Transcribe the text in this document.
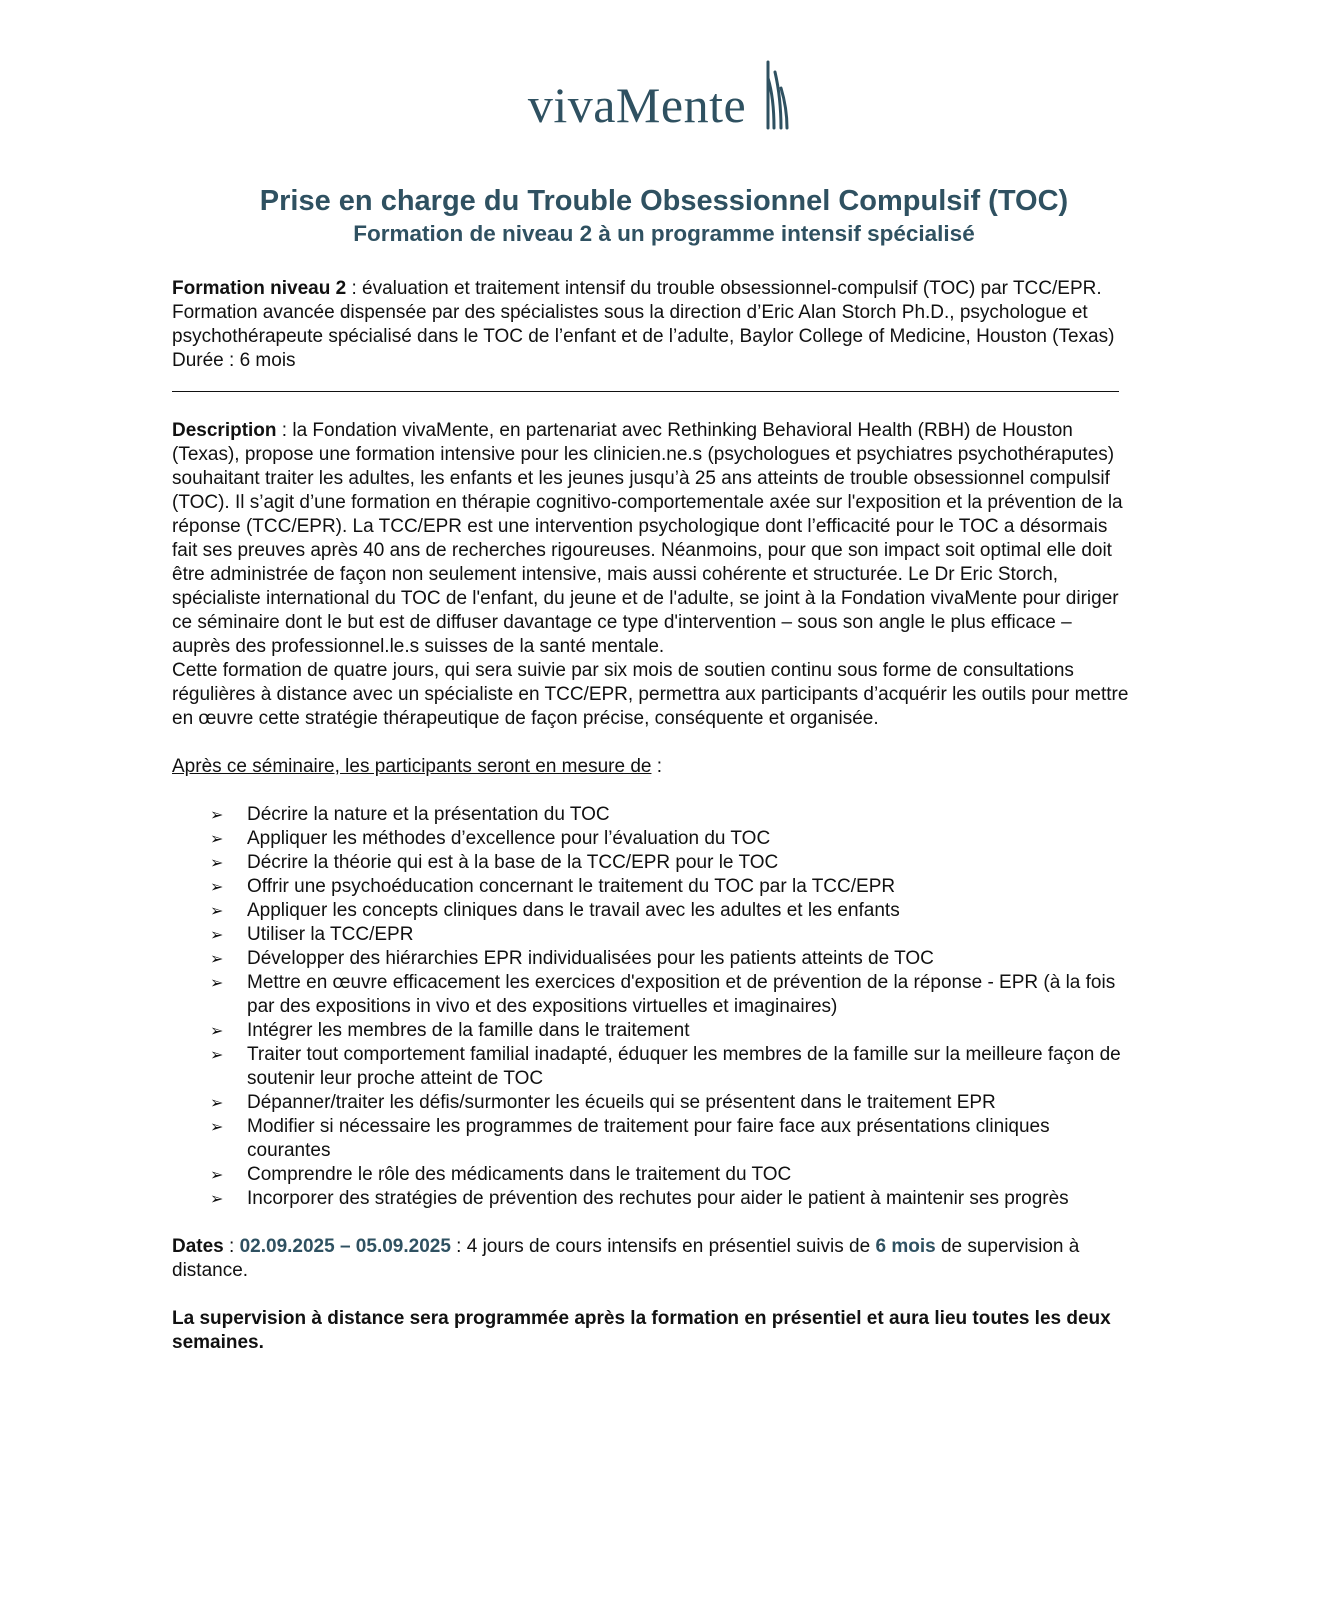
vivaMente
Prise en charge du Trouble Obsessionnel Compulsif (TOC)
Formation de niveau 2 à un programme intensif spécialisé

Formation niveau 2 : évaluation et traitement intensif du trouble obsessionnel-compulsif (TOC) par TCC/EPR.

Formation avancée dispensée par des spécialistes sous la direction d’Eric Alan Storch Ph.D., psychologue et psychothérapeute spécialisé dans le TOC de l’enfant et de l’adulte, Baylor College of Medicine, Houston (Texas)

Durée : 6 mois

Description : la Fondation vivaMente, en partenariat avec Rethinking Behavioral Health (RBH) de Houston (Texas), propose une formation intensive pour les clinicien.ne.s (psychologues et psychiatres psychothéraputes) souhaitant traiter les adultes, les enfants et les jeunes jusqu’à 25 ans atteints de trouble obsessionnel compulsif (TOC). Il s’agit d’une formation en thérapie cognitivo-comportementale axée sur l'exposition et la prévention de la réponse (TCC/EPR). La TCC/EPR est une intervention psychologique dont l’efficacité pour le TOC a désormais fait ses preuves après 40 ans de recherches rigoureuses. Néanmoins, pour que son impact soit optimal elle doit être administrée de façon non seulement intensive, mais aussi cohérente et structurée. Le Dr Eric Storch, spécialiste international du TOC de l'enfant, du jeune et de l'adulte, se joint à la Fondation vivaMente pour diriger ce séminaire dont le but est de diffuser davantage ce type d'intervention – sous son angle le plus efficace – auprès des professionnel.le.s suisses de la santé mentale.

Cette formation de quatre jours, qui sera suivie par six mois de soutien continu sous forme de consultations régulières à distance avec un spécialiste en TCC/EPR, permettra aux participants d’acquérir les outils pour mettre en œuvre cette stratégie thérapeutique de façon précise, conséquente et organisée.

Après ce séminaire, les participants seront en mesure de :

➢ Décrire la nature et la présentation du TOC
➢ Appliquer les méthodes d’excellence pour l’évaluation du TOC
➢ Décrire la théorie qui est à la base de la TCC/EPR pour le TOC
➢ Offrir une psychoéducation concernant le traitement du TOC par la TCC/EPR
➢ Appliquer les concepts cliniques dans le travail avec les adultes et les enfants
➢ Utiliser la TCC/EPR
➢ Développer des hiérarchies EPR individualisées pour les patients atteints de TOC
➢ Mettre en œuvre efficacement les exercices d'exposition et de prévention de la réponse - EPR (à la fois par des expositions in vivo et des expositions virtuelles et imaginaires)
➢ Intégrer les membres de la famille dans le traitement
➢ Traiter tout comportement familial inadapté, éduquer les membres de la famille sur la meilleure façon de soutenir leur proche atteint de TOC
➢ Dépanner/traiter les défis/surmonter les écueils qui se présentent dans le traitement EPR
➢ Modifier si nécessaire les programmes de traitement pour faire face aux présentations cliniques courantes
➢ Comprendre le rôle des médicaments dans le traitement du TOC
➢ Incorporer des stratégies de prévention des rechutes pour aider le patient à maintenir ses progrès

Dates : 02.09.2025 – 05.09.2025 : 4 jours de cours intensifs en présentiel suivis de 6 mois de supervision à distance.

La supervision à distance sera programmée après la formation en présentiel et aura lieu toutes les deux semaines.
